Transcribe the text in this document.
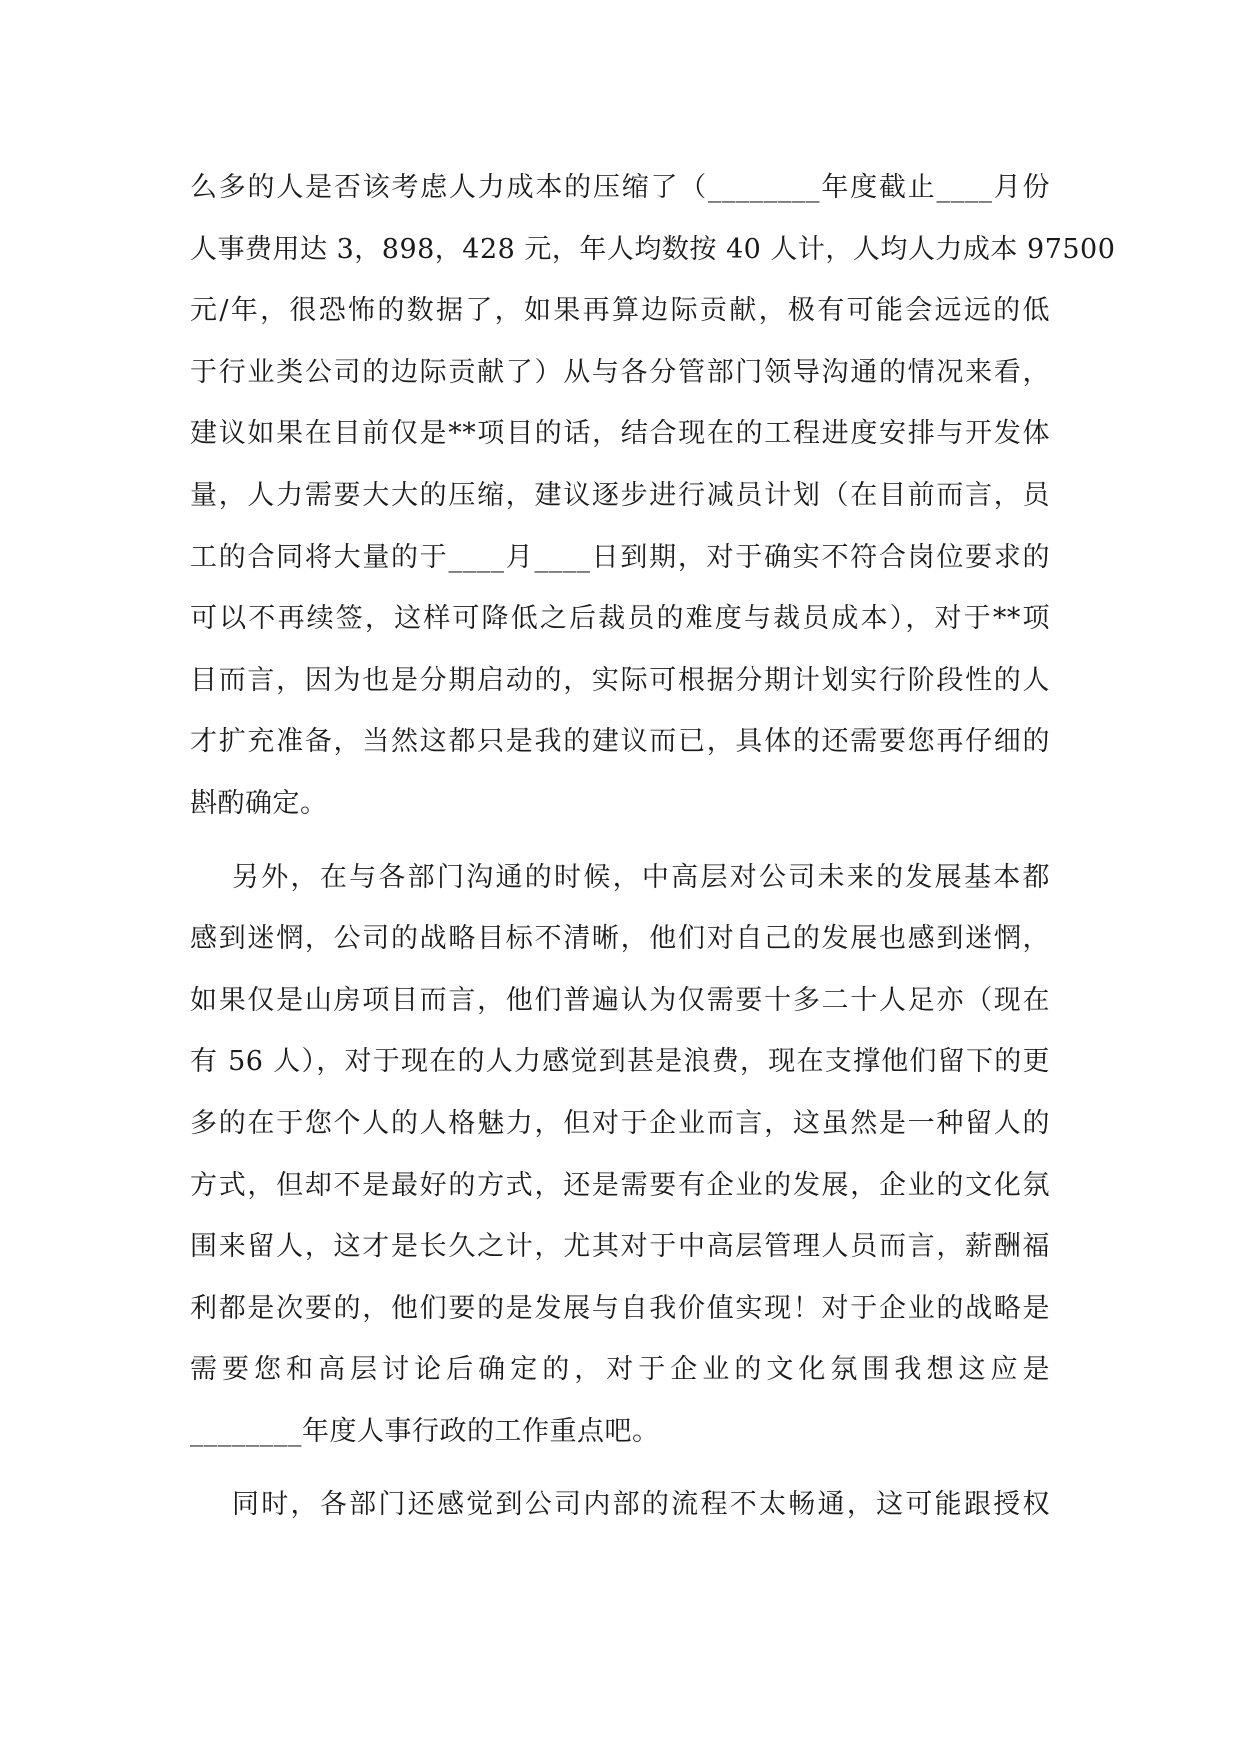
么多的人是否该考虑人力成本的压缩了（________年度截止____月份
人事费用达 3，898，428 元，年人均数按 40 人计，人均人力成本 97500
元/年，很恐怖的数据了，如果再算边际贡献，极有可能会远远的低
于行业类公司的边际贡献了）从与各分管部门领导沟通的情况来看，
建议如果在目前仅是**项目的话，结合现在的工程进度安排与开发体
量，人力需要大大的压缩，建议逐步进行减员计划（在目前而言，员
工的合同将大量的于____月____日到期，对于确实不符合岗位要求的
可以不再续签，这样可降低之后裁员的难度与裁员成本），对于**项
目而言，因为也是分期启动的，实际可根据分期计划实行阶段性的人
才扩充准备，当然这都只是我的建议而已，具体的还需要您再仔细的
斟酌确定。
另外，在与各部门沟通的时候，中高层对公司未来的发展基本都
感到迷惘，公司的战略目标不清晰，他们对自己的发展也感到迷惘，
如果仅是山房项目而言，他们普遍认为仅需要十多二十人足亦（现在
有 56 人），对于现在的人力感觉到甚是浪费，现在支撑他们留下的更
多的在于您个人的人格魅力，但对于企业而言，这虽然是一种留人的
方式，但却不是最好的方式，还是需要有企业的发展，企业的文化氛
围来留人，这才是长久之计，尤其对于中高层管理人员而言，薪酬福
利都是次要的，他们要的是发展与自我价值实现！对于企业的战略是
需要您和高层讨论后确定的，对于企业的文化氛围我想这应是
________年度人事行政的工作重点吧。
同时，各部门还感觉到公司内部的流程不太畅通，这可能跟授权
